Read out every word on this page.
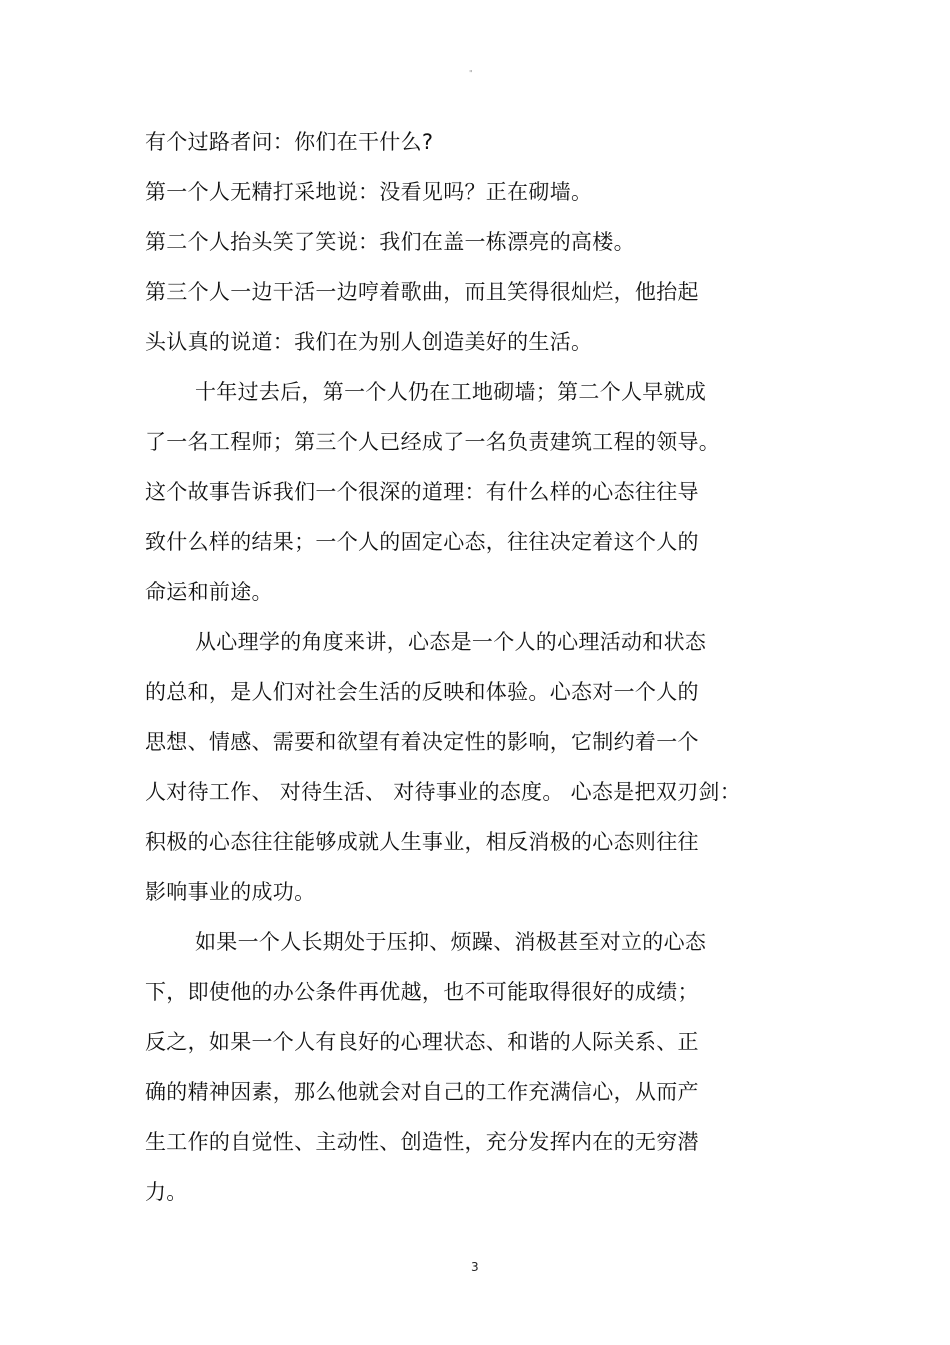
"
有个过路者问：你们在干什么?
第一个人无精打采地说：没看见吗？正在砌墙。
第二个人抬头笑了笑说：我们在盖一栋漂亮的高楼。
第三个人一边干活一边哼着歌曲，而且笑得很灿烂，他抬起
头认真的说道：我们在为别人创造美好的生活。
十年过去后，第一个人仍在工地砌墙；第二个人早就成
了一名工程师；第三个人已经成了一名负责建筑工程的领导。
这个故事告诉我们一个很深的道理：有什么样的心态往往导
致什么样的结果；一个人的固定心态，往往决定着这个人的
命运和前途。
从心理学的角度来讲，心态是一个人的心理活动和状态
的总和，是人们对社会生活的反映和体验。心态对一个人的
思想、情感、需要和欲望有着决定性的影响，它制约着一个
人对待工作、 对待生活、 对待事业的态度。 心态是把双刃剑：
积极的心态往往能够成就人生事业，相反消极的心态则往往
影响事业的成功。
如果一个人长期处于压抑、烦躁、消极甚至对立的心态
下，即使他的办公条件再优越，也不可能取得很好的成绩；
反之，如果一个人有良好的心理状态、和谐的人际关系、正
确的精神因素，那么他就会对自己的工作充满信心，从而产
生工作的自觉性、主动性、创造性，充分发挥内在的无穷潜
力。
3
